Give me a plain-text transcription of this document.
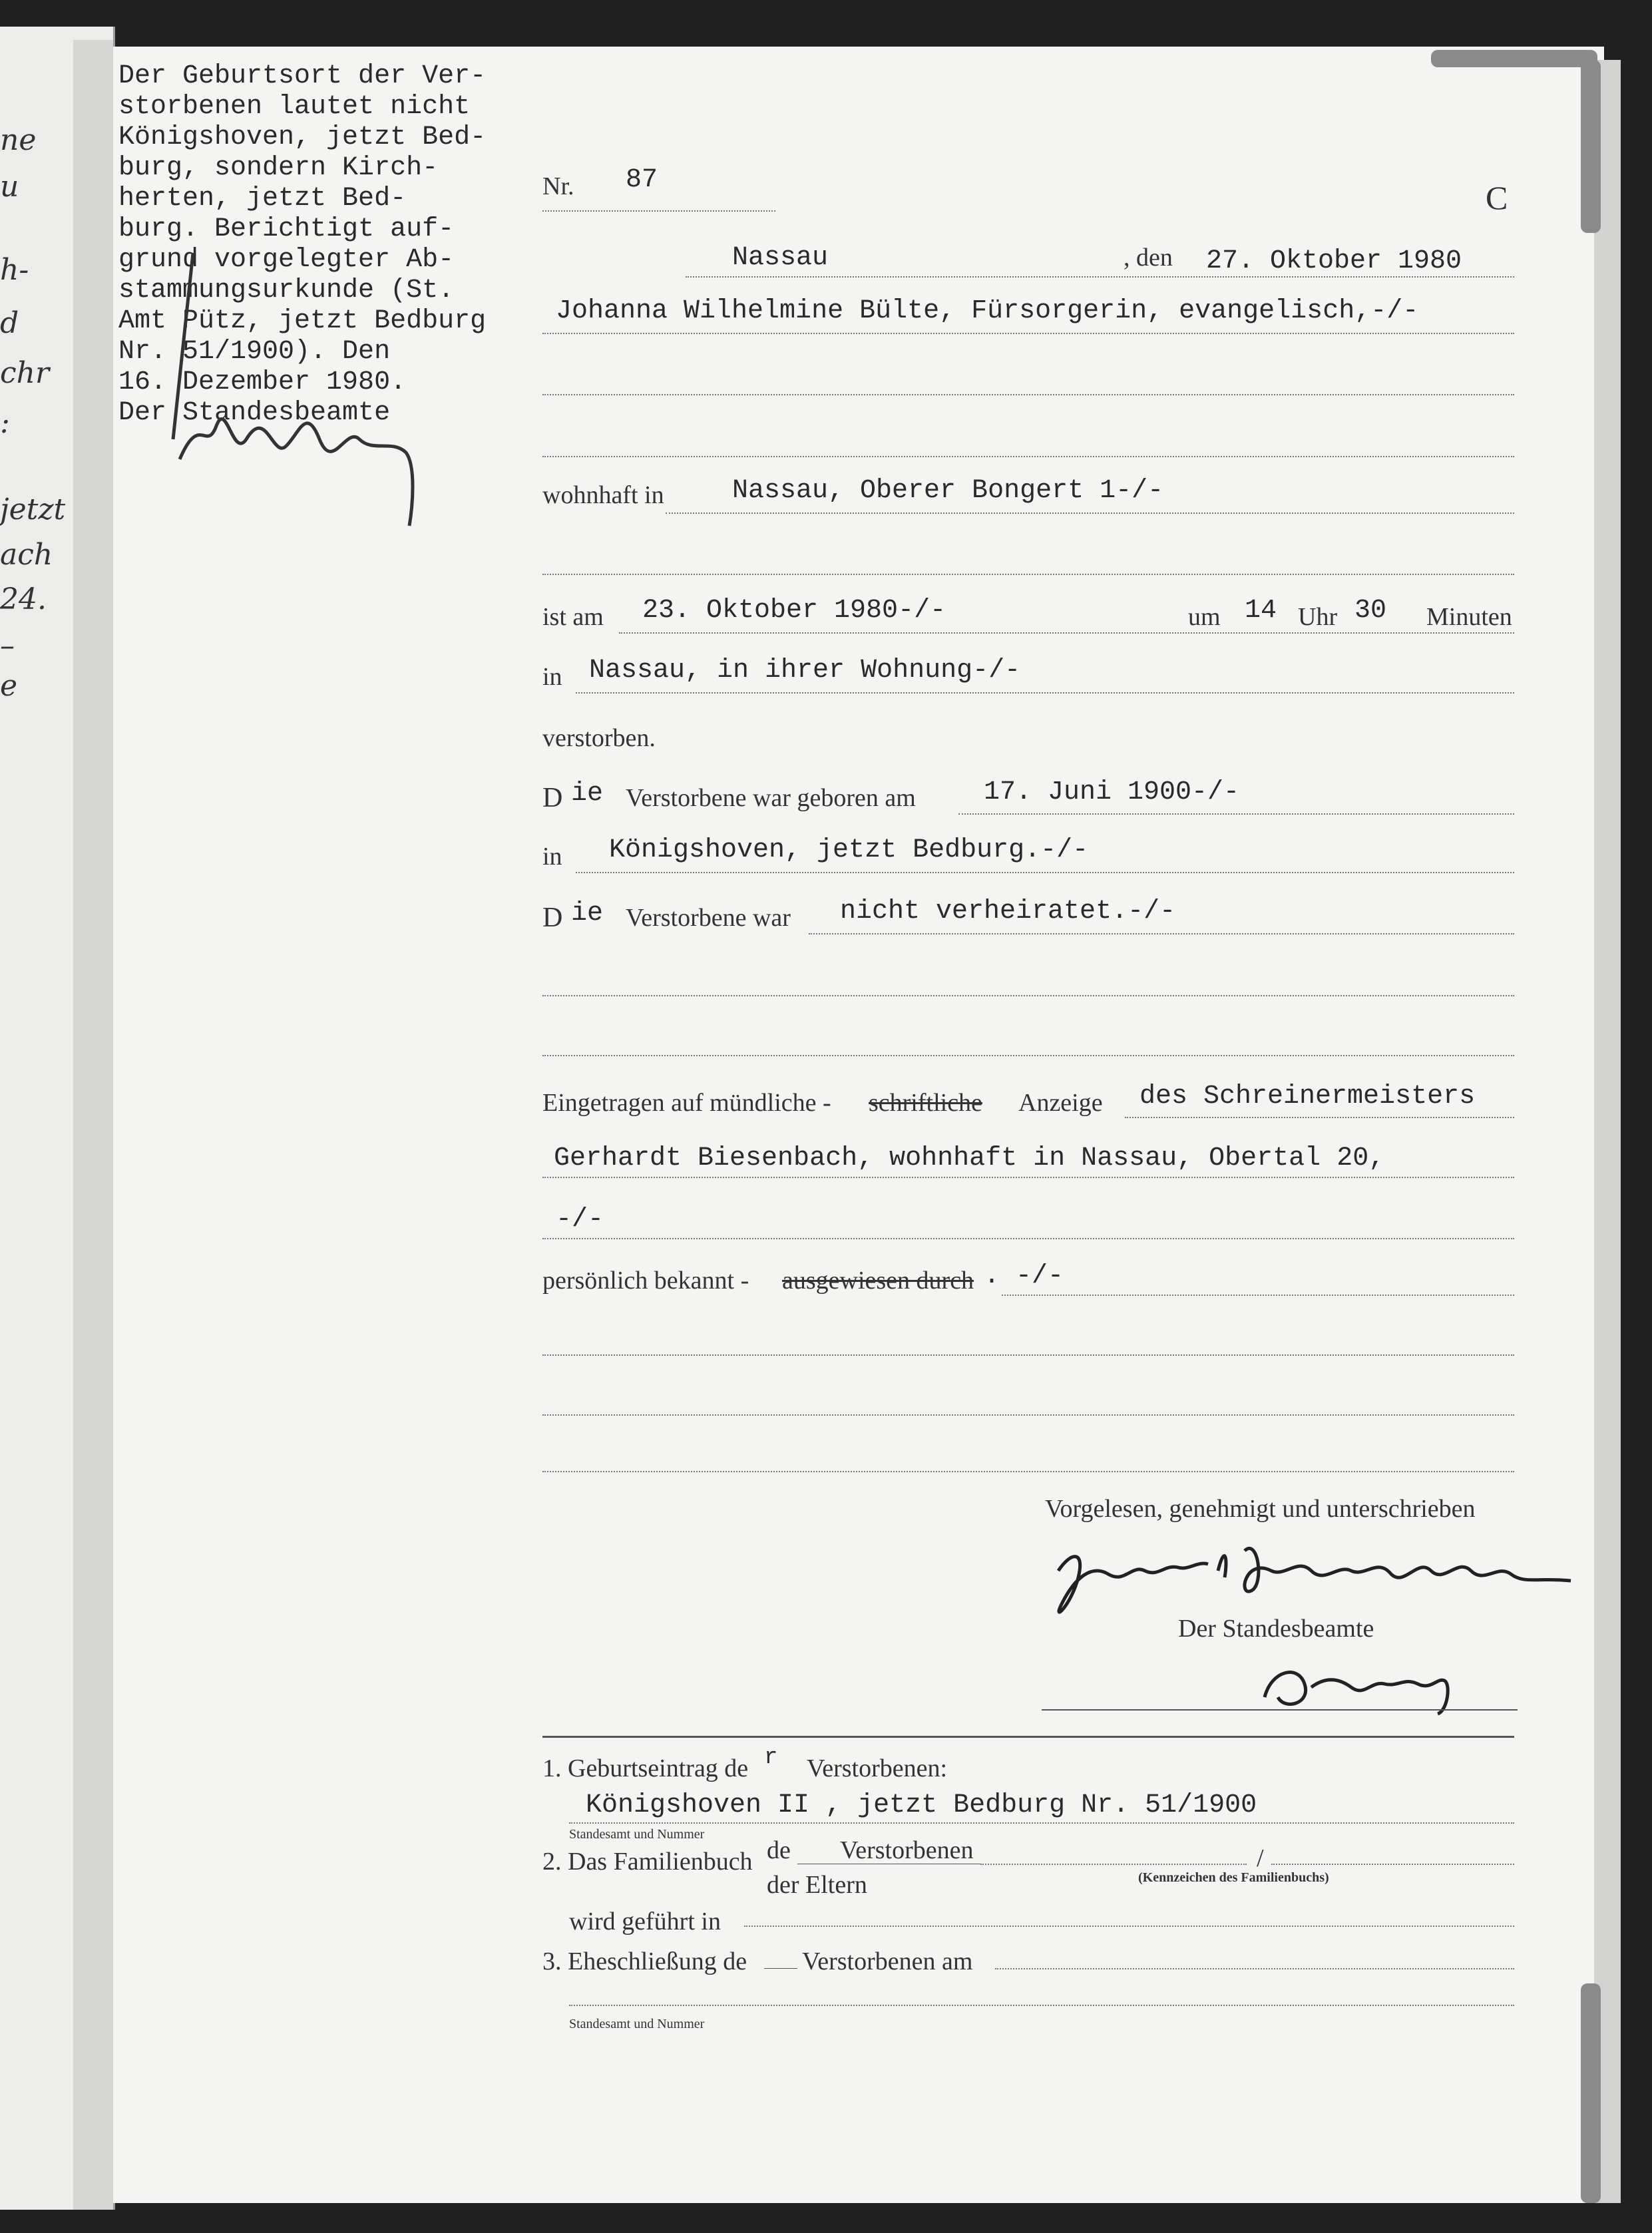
ne
u
h-
d
chr
:
jetzt
ach
24.
–
e
Der Geburtsort der Ver-
storbenen lautet nicht
Königshoven, jetzt Bed-
burg, sondern Kirch-
herten, jetzt Bed-
burg. Berichtigt auf-
grund vorgelegter Ab-
stammungsurkunde (St.
Amt Pütz, jetzt Bedburg
Nr. 51/1900). Den
16. Dezember 1980.
Der Standesbeamte
Nr. 87	C
Nassau	, den 27. Oktober 1980
Johanna Wilhelmine Bülte, Fürsorgerin, evangelisch,-/-
wohnhaft in	Nassau, Oberer Bongert 1-/-
ist am 23. Oktober 1980-/-	um 14 Uhr 30 Minuten
in Nassau, in ihrer Wohnung-/-
verstorben.
D ie Verstorbene war geboren am	17. Juni 1900-/-
in Königshoven, jetzt Bedburg.-/-
D ie Verstorbene war nicht verheiratet.-/-
Eingetragen auf mündliche - schriftliche Anzeige des Schreinermeisters
Gerhardt Biesenbach, wohnhaft in Nassau, Obertal 20,
-/-
persönlich bekannt - ausgewiesen durch . -/-
Vorgelesen, genehmigt und unterschrieben
Der Standesbeamte
1. Geburtseintrag de r Verstorbenen:
Königshoven II , jetzt Bedburg Nr. 51/1900
Standesamt und Nummer
2. Das Familienbuch de Verstorbenen	/
der Eltern	(Kennzeichen des Familienbuchs)
wird geführt in
3. Eheschließung de Verstorbenen am
Standesamt und Nummer
